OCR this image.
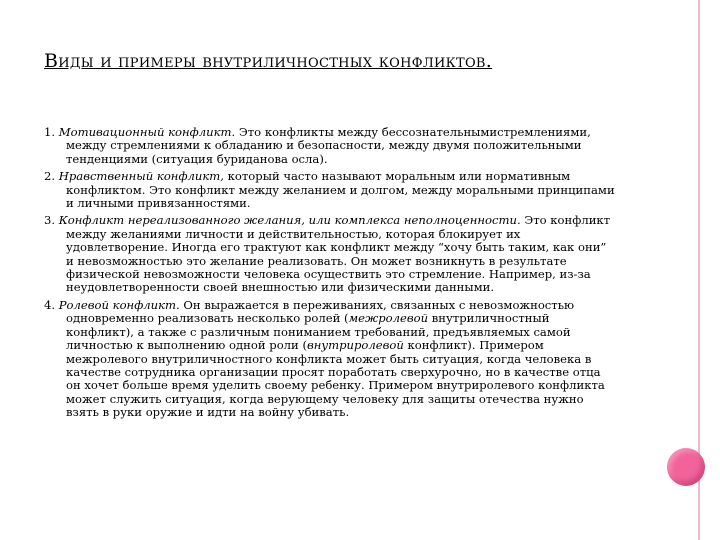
Виды и примеры внутриличностных конфликтов.

1. Мотивационный конфликт. Это конфликты между бессознательнымистремлениями, между стремлениями к обладанию и безопасности, между двумя положительными тенденциями (ситуация буриданова осла).

2. Нравственный конфликт, который часто называют моральным или нормативным конфликтом. Это конфликт между желанием и долгом, между моральными принципами и личными привязанностями.

3. Конфликт нереализованного желания, или комплекса неполноценности. Это конфликт между желаниями личности и действительностью, которая блокирует их удовлетворение. Иногда его трактуют как конфликт между “хочу быть таким, как они” и невозможностью это желание реализовать. Он может возникнуть в результате физической невозможности человека осуществить это стремление. Например, из-за неудовлетворенности своей внешностью или физическими данными.

4. Ролевой конфликт. Он выражается в переживаниях, связанных с невозможностью одновременно реализовать несколько ролей (межролевой внутриличностный конфликт), а также с различным пониманием требований, предъявляемых самой личностью к выполнению одной роли (внутриролевой конфликт). Примером межролевого внутриличностного конфликта может быть ситуация, когда человека в качестве сотрудника организации просят поработать сверхурочно, но в качестве отца он хочет больше время уделить своему ребенку. Примером внутриролевого конфликта может служить ситуация, когда верующему человеку для защиты отечества нужно взять в руки оружие и идти на войну убивать.
